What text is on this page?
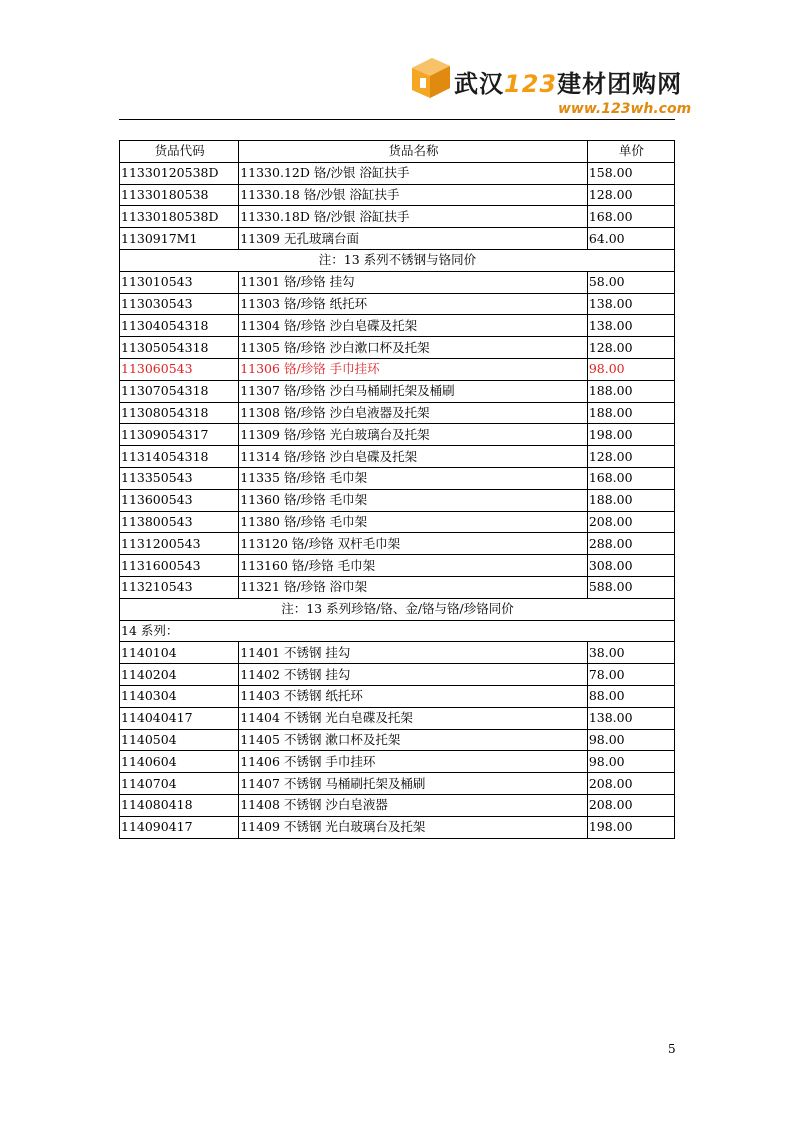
武汉123建材团购网
www.123wh.com
货品代码	货品名称	单价
11330120538D	11330.12D 铬/沙银 浴缸扶手	158.00
11330180538	11330.18 铬/沙银 浴缸扶手	128.00
11330180538D	11330.18D 铬/沙银 浴缸扶手	168.00
1130917M1	11309 无孔玻璃台面	64.00
注：13 系列不锈钢与铬同价		
113010543	11301 铬/珍铬 挂勾	58.00
113030543	11303 铬/珍铬 纸托环	138.00
11304054318	11304 铬/珍铬 沙白皂碟及托架	138.00
11305054318	11305 铬/珍铬 沙白漱口杯及托架	128.00
113060543	11306 铬/珍铬 手巾挂环	98.00
11307054318	11307 铬/珍铬 沙白马桶刷托架及桶刷	188.00
11308054318	11308 铬/珍铬 沙白皂液器及托架	188.00
11309054317	11309 铬/珍铬 光白玻璃台及托架	198.00
11314054318	11314 铬/珍铬 沙白皂碟及托架	128.00
113350543	11335 铬/珍铬 毛巾架	168.00
113600543	11360 铬/珍铬 毛巾架	188.00
113800543	11380 铬/珍铬 毛巾架	208.00
1131200543	113120 铬/珍铬 双杆毛巾架	288.00
1131600543	113160 铬/珍铬 毛巾架	308.00
113210543	11321 铬/珍铬 浴巾架	588.00
注：13 系列珍铬/铬、金/铬与铬/珍铬同价		
14 系列：		
1140104	11401 不锈钢 挂勾	38.00
1140204	11402 不锈钢 挂勾	78.00
1140304	11403 不锈钢 纸托环	88.00
114040417	11404 不锈钢 光白皂碟及托架	138.00
1140504	11405 不锈钢 漱口杯及托架	98.00
1140604	11406 不锈钢 手巾挂环	98.00
1140704	11407 不锈钢 马桶刷托架及桶刷	208.00
114080418	11408 不锈钢 沙白皂液器	208.00
114090417	11409 不锈钢 光白玻璃台及托架	198.00
5
